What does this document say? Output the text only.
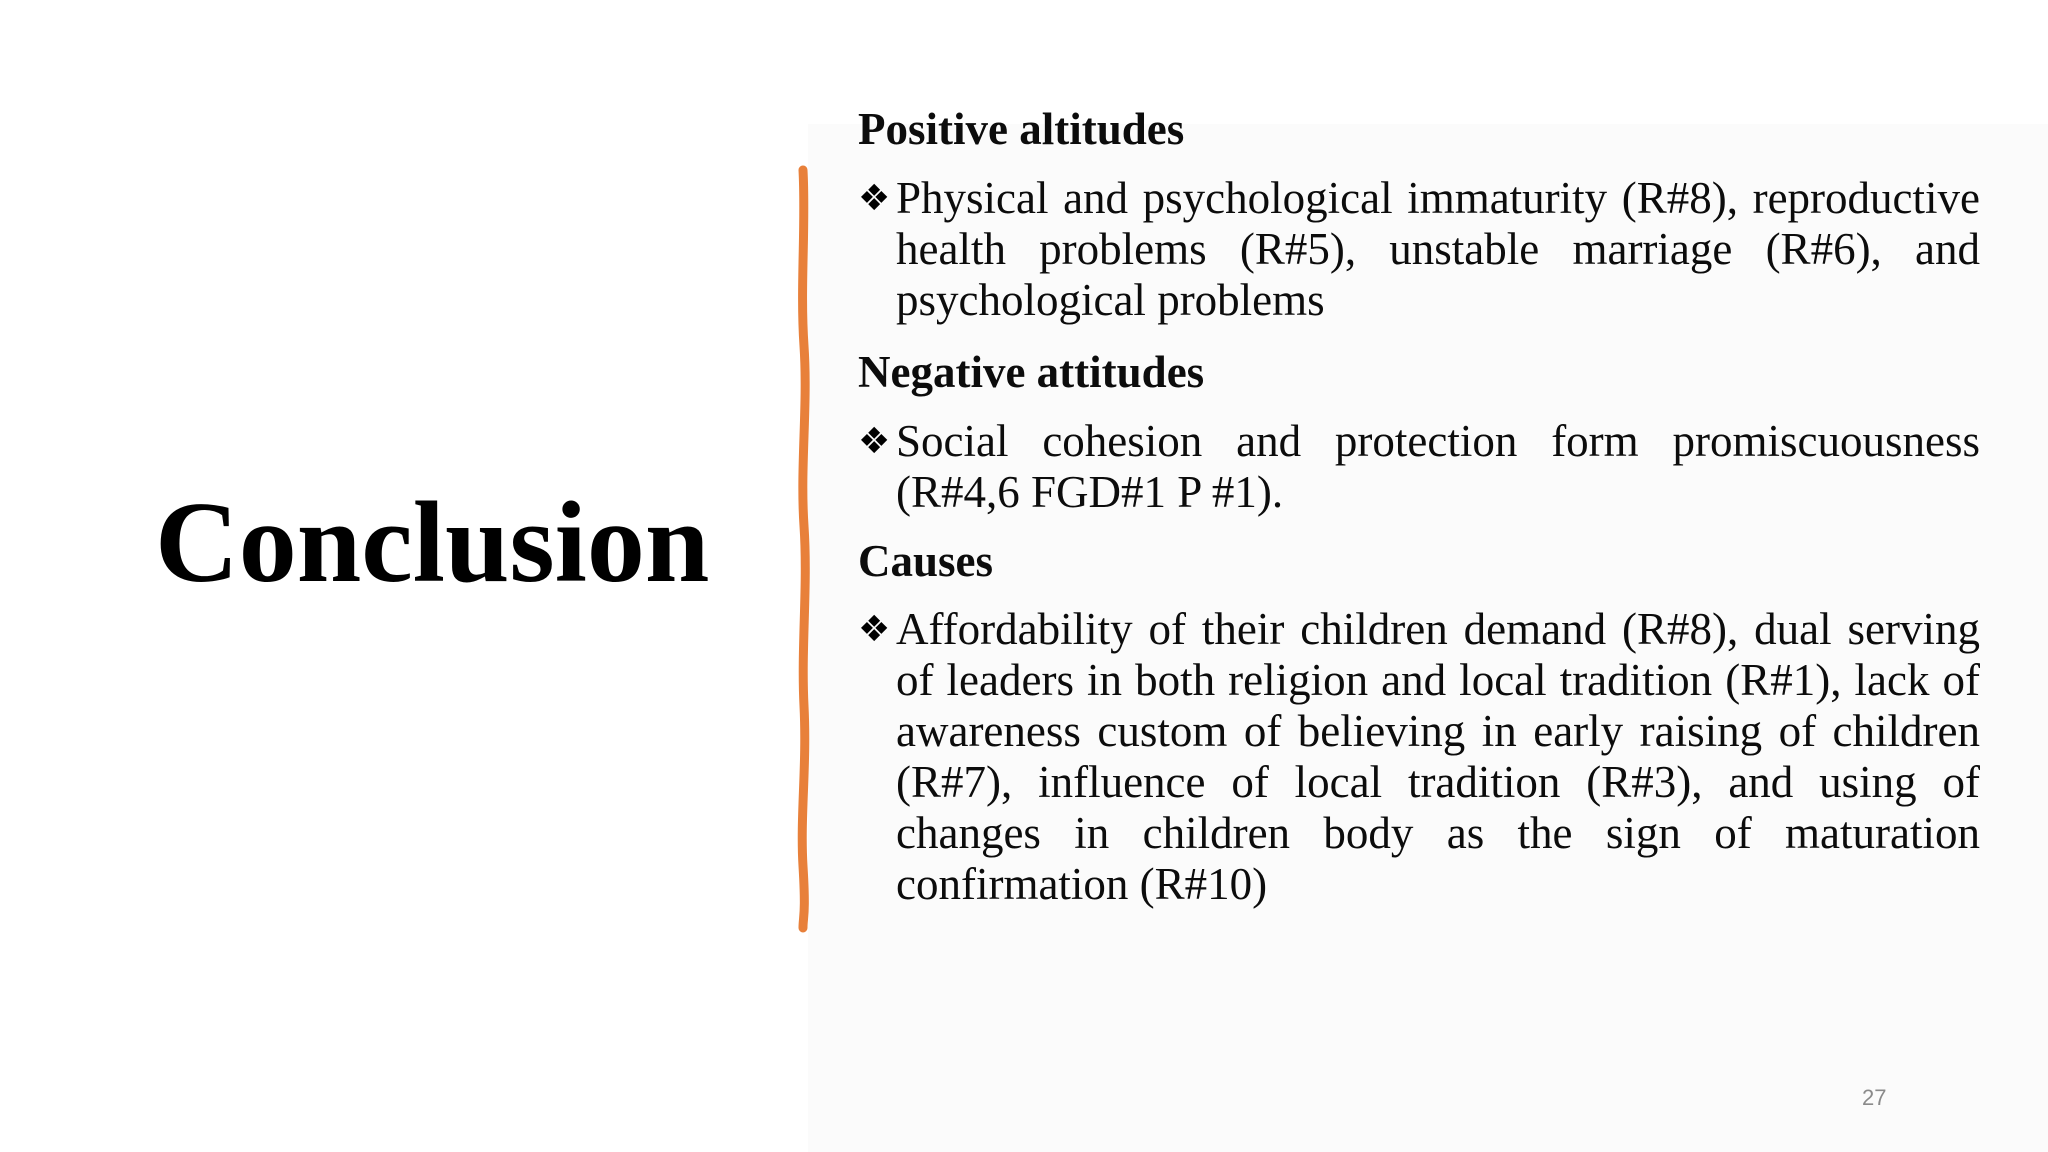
Conclusion

Positive altitudes

❖ Physical and psychological immaturity (R#8), reproductive health problems (R#5), unstable marriage (R#6), and psychological problems

Negative attitudes

❖ Social cohesion and protection form promiscuousness (R#4,6 FGD#1 P #1).

Causes

❖ Affordability of their children demand (R#8), dual serving of leaders in both religion and local tradition (R#1), lack of awareness custom of believing in early raising of children (R#7), influence of local tradition (R#3), and using of changes in children body as the sign of maturation confirmation (R#10)

27
